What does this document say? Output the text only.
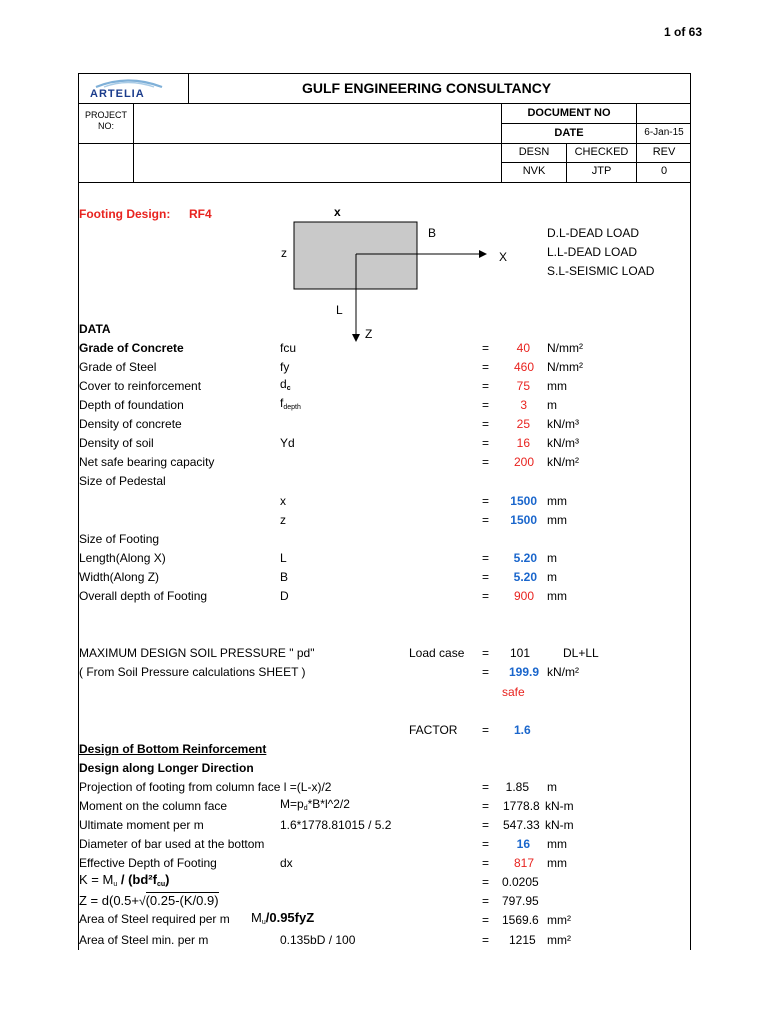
1 of 63
ARTELIA	GULF ENGINEERING CONSULTANCY
PROJECT
NO:
DOCUMENT NO
DATE	6-Jan-15
DESN	CHECKED	REV
NVK	JTP	0
Footing Design: RF4	x
B
z	X
L
Z
D.L-DEAD LOAD
L.L-DEAD LOAD
S.L-SEISMIC LOAD
DATA
Grade of Concrete	fcu	=	40 N/mm²
Grade of Steel	fy	=	460 N/mm²
Cover to reinforcement	$d_c$	=	75 mm
Depth of foundation	$f_{depth}$	=	3 m
Density of concrete	=	25 kN/m³
Density of soil	Yd	=	16 kN/m³
Net safe bearing capacity	=	200 kN/m²
Size of Pedestal
x	=	1500 mm
z	=	1500 mm
Size of Footing
Length(Along X)	L	=	5.20 m
Width(Along Z)	B	=	5.20 m
Overall depth of Footing	D	=	900 mm
MAXIMUM DESIGN SOIL PRESSURE " pd"	Load case = 101	DL+LL
( From Soil Pressure calculations SHEET )	=	199.9 kN/m²
safe
FACTOR = 1.6
Design of Bottom Reinforcement
Design along Longer Direction
Projection of footing from column face l =(L-x)/2	=	1.85 m
Moment on the column face	$M=p_d*B*l\^{}2/2$	= 1778.8 kN-m
Ultimate moment per m	1.6*1778.81015 / 5.2	= 547.33 kN-m
Diameter of bar used at the bottom	=	16 mm
Effective Depth of Footing	dx	=	817 mm
$K = M_u / (bd^2f_{cu})$	= 0.0205
Z = d(0.5+√(0.25-(K/0.9)	= 797.95
Area of Steel required per m $M_u/0.95fyZ$	= 1569.6 mm²
Area of Steel min. per m	0.135bD / 100	= 1215 mm²
